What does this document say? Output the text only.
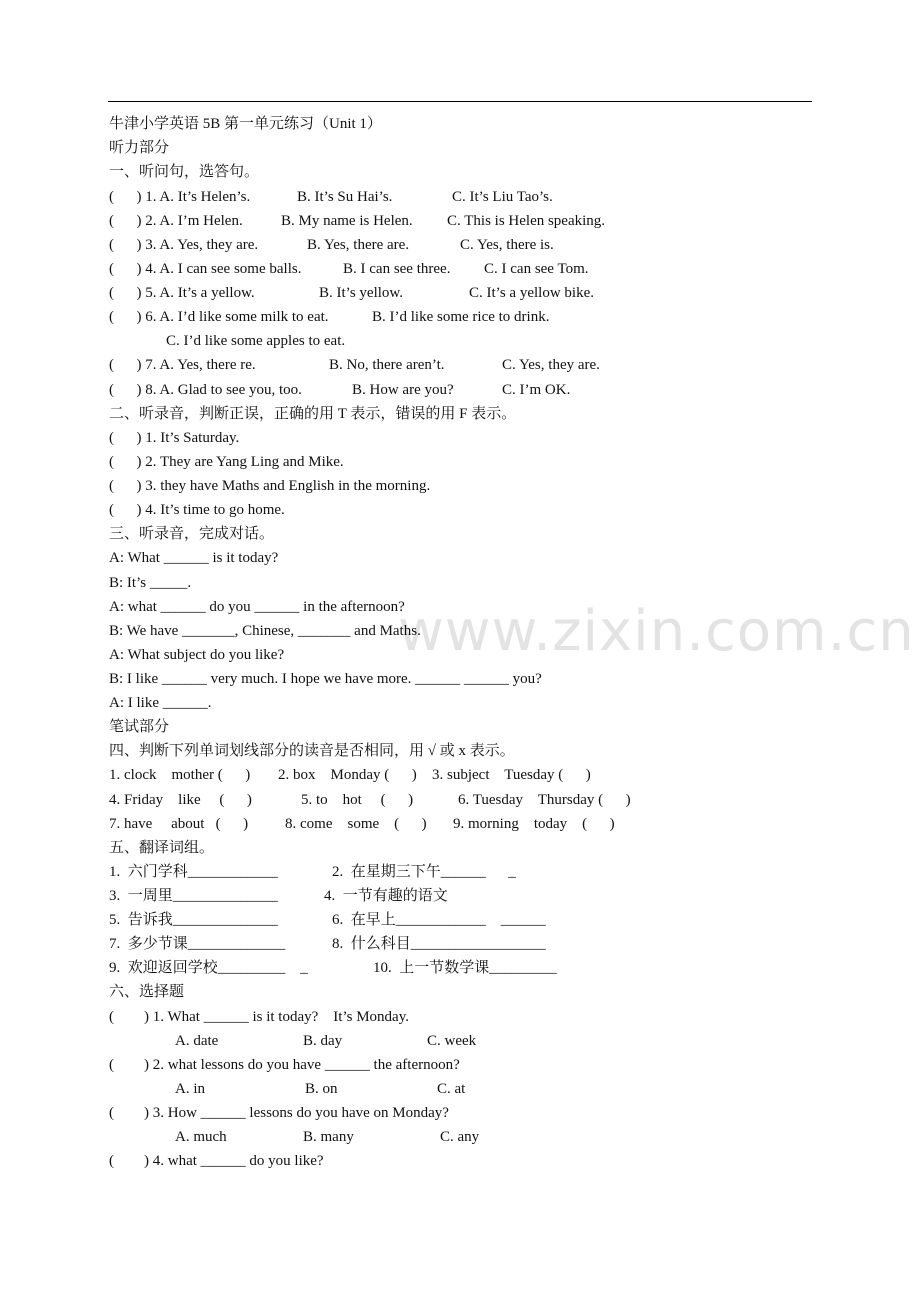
www.zixin.com.cn
牛津小学英语 5B 第一单元练习（Unit 1）
听力部分
一、听问句，选答句。
(      ) 1. A. It’s Helen’s.	B. It’s Su Hai’s.	C. It’s Liu Tao’s.
(      ) 2. A. I’m Helen.	B. My name is Helen. C. This is Helen speaking.
(      ) 3. A. Yes, they are.	B. Yes, there are.	C. Yes, there is.
(      ) 4. A. I can see some balls.	B. I can see three. C. I can see Tom.
(      ) 5. A. It’s a yellow.	B. It’s yellow.	C. It’s a yellow bike.
(      ) 6. A. I’d like some milk to eat.	B. I’d like some rice to drink.
C. I’d like some apples to eat.
(      ) 7. A. Yes, there re.	B. No, there aren’t.	C. Yes, they are.
(      ) 8. A. Glad to see you, too.	B. How are you?	C. I’m OK.
二、听录音，判断正误，正确的用 T 表示，错误的用 F 表示。
(      ) 1. It’s Saturday.
(      ) 2. They are Yang Ling and Mike.
(      ) 3. they have Maths and English in the morning.
(      ) 4. It’s time to go home.
三、听录音，完成对话。
A: What ______ is it today?
B: It’s _____.
A: what ______ do you ______ in the afternoon?
B: We have _______, Chinese, _______ and Maths.
A: What subject do you like?
B: I like ______ very much. I hope we have more. ______ ______ you?
A: I like ______.
笔试部分
四、判断下列单词划线部分的读音是否相同，用 √ 或 x 表示。
1. clock    mother (      ) 2. box    Monday (      ) 3. subject    Tuesday (      )
4. Friday    like     (      )	5. to    hot     (      )	6. Tuesday    Thursday (      )
7. have     about   (      ) 8. come    some    (      ) 9. morning    today    (      )
五、翻译词组。
1.  六门学科____________	2.  在星期三下午______      _
3.  一周里______________	4.  一节有趣的语文
5.  告诉我______________	6.  在早上____________    ______
7.  多少节课_____________	8.  什么科目__________________
9.  欢迎返回学校_________    _	10.  上一节数学课_________
六、选择题
(        ) 1. What ______ is it today?    It’s Monday.
A. date	B. day	C. week
(        ) 2. what lessons do you have ______ the afternoon?
A. in	B. on	C. at
(        ) 3. How ______ lessons do you have on Monday?
A. much	B. many	C. any
(        ) 4. what ______ do you like?
